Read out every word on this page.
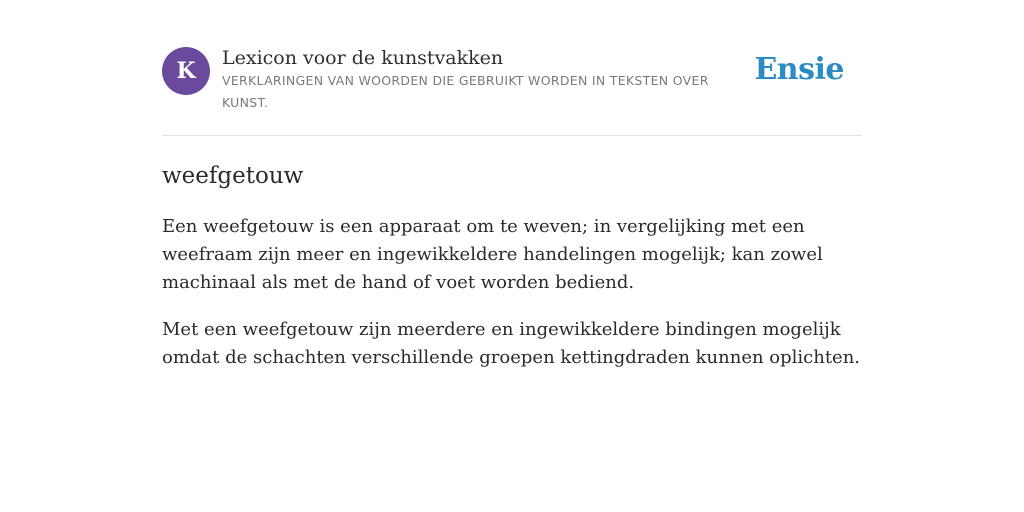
K	Lexicon voor de kunstvakken
VERKLARINGEN VAN WOORDEN DIE GEBRUIKT WORDEN IN TEKSTEN OVER KUNST.
Ensie
weefgetouw

Een weefgetouw is een apparaat om te weven; in vergelijking met een weefraam zijn meer en ingewikkeldere handelingen mogelijk; kan zowel machinaal als met de hand of voet worden bediend.

Met een weefgetouw zijn meerdere en ingewikkeldere bindingen mogelijk omdat de schachten verschillende groepen kettingdraden kunnen oplichten.
